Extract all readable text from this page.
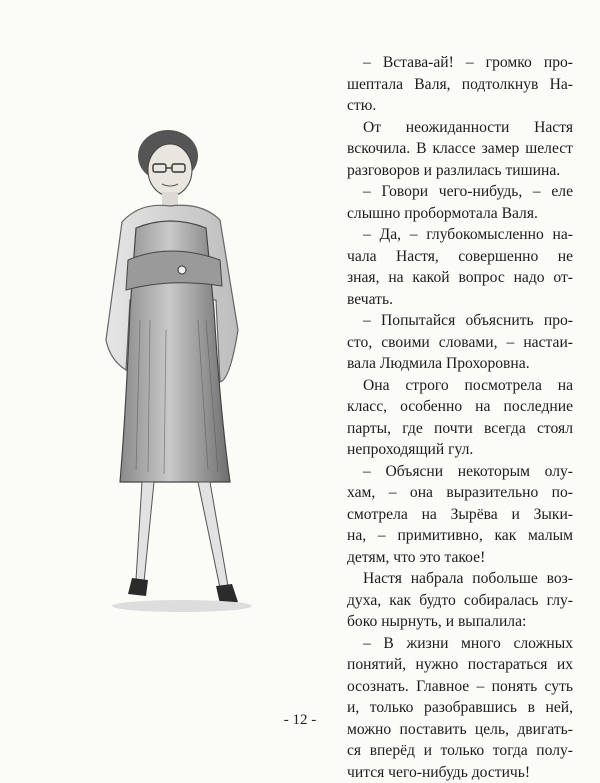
– Встава-ай! – громко про-
шептала Валя, подтолкнув На-
стю.
От неожиданности Настя
вскочила. В классе замер шелест
разговоров и разлилась тишина.
– Говори чего-нибудь, – еле
слышно пробормотала Валя.
– Да, – глубокомысленно на-
чала Настя, совершенно не
зная, на какой вопрос надо от-
вечать.
– Попытайся объяснить про-
сто, своими словами, – настаи-
вала Людмила Прохоровна.
Она строго посмотрела на
класс, особенно на последние
парты, где почти всегда стоял
непроходящий гул.
– Объясни некоторым олу-
хам, – она выразительно по-
смотрела на Зырёва и Зыки-
на, – примитивно, как малым
детям, что это такое!
Настя набрала побольше воз-
духа, как будто собиралась глу-
боко нырнуть, и выпалила:
– В жизни много сложных
понятий, нужно постараться их
осознать. Главное – понять суть
и, только разобравшись в ней,
можно поставить цель, двигать-
ся вперёд и только тогда полу-
чится чего-нибудь достичь!
- 12 -
